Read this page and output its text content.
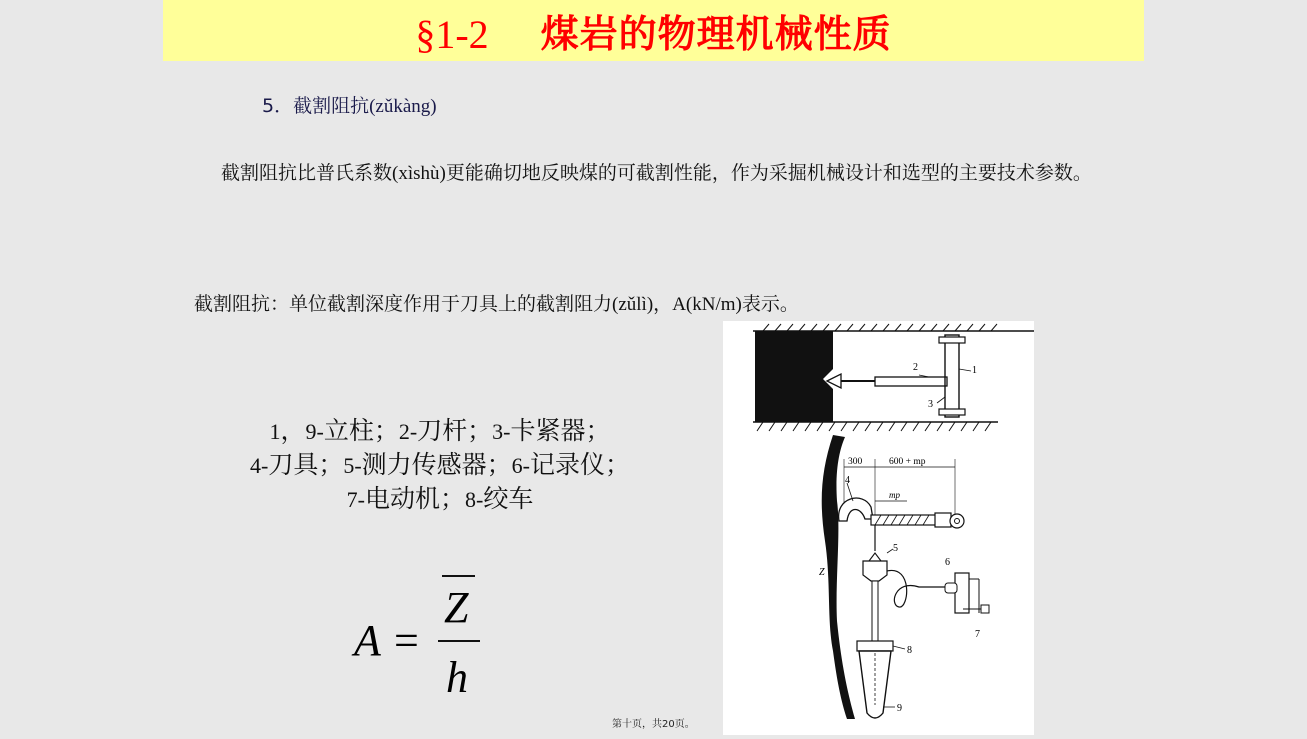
§1-2 煤岩的物理机械性质
5．截割阻抗(zǔkàng)
截割阻抗比普氏系数(xìshù)更能确切地反映煤的可截割性能，作为采掘机械设计和选型的主要技术参数。
截割阻抗：单位截割深度作用于刀具上的截割阻力(zǔlì)，A(kN/m)表示。
1，9-立柱；2-刀杆；3-卡紧器；
4-刀具；5-测力传感器；6-记录仪；
7-电动机；8-绞车
A =
Z
h
1
2
3
Z
300	600 + mp
mp
4
5
6
7
8
9
第十页，共20页。
